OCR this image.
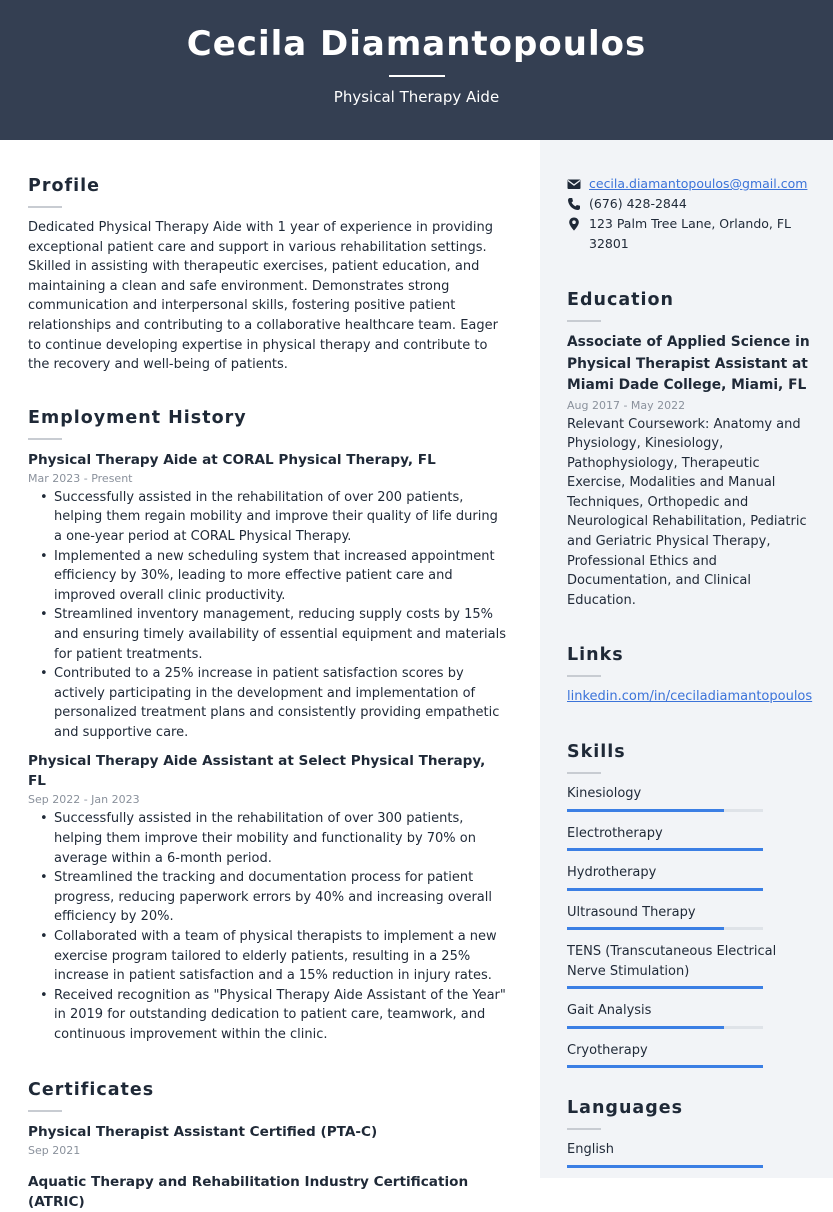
Cecila Diamantopoulos
Physical Therapy Aide
Profile
Dedicated Physical Therapy Aide with 1 year of experience in providing exceptional patient care and support in various rehabilitation settings. Skilled in assisting with therapeutic exercises, patient education, and maintaining a clean and safe environment. Demonstrates strong communication and interpersonal skills, fostering positive patient relationships and contributing to a collaborative healthcare team. Eager to continue developing expertise in physical therapy and contribute to the recovery and well-being of patients.
Employment History
Physical Therapy Aide at CORAL Physical Therapy, FL
Mar 2023 - Present
• Successfully assisted in the rehabilitation of over 200 patients, helping them regain mobility and improve their quality of life during a one-year period at CORAL Physical Therapy.
• Implemented a new scheduling system that increased appointment efficiency by 30%, leading to more effective patient care and improved overall clinic productivity.
• Streamlined inventory management, reducing supply costs by 15% and ensuring timely availability of essential equipment and materials for patient treatments.
• Contributed to a 25% increase in patient satisfaction scores by actively participating in the development and implementation of personalized treatment plans and consistently providing empathetic and supportive care.
Physical Therapy Aide Assistant at Select Physical Therapy, FL
Sep 2022 - Jan 2023
• Successfully assisted in the rehabilitation of over 300 patients, helping them improve their mobility and functionality by 70% on average within a 6-month period.
• Streamlined the tracking and documentation process for patient progress, reducing paperwork errors by 40% and increasing overall efficiency by 20%.
• Collaborated with a team of physical therapists to implement a new exercise program tailored to elderly patients, resulting in a 25% increase in patient satisfaction and a 15% reduction in injury rates.
• Received recognition as "Physical Therapy Aide Assistant of the Year" in 2019 for outstanding dedication to patient care, teamwork, and continuous improvement within the clinic.
Certificates
Physical Therapist Assistant Certified (PTA-C)
Sep 2021
Aquatic Therapy and Rehabilitation Industry Certification (ATRIC)
cecila.diamantopoulos@gmail.com
(676) 428-2844
123 Palm Tree Lane, Orlando, FL 32801
Education
Associate of Applied Science in Physical Therapist Assistant at Miami Dade College, Miami, FL
Aug 2017 - May 2022
Relevant Coursework: Anatomy and Physiology, Kinesiology, Pathophysiology, Therapeutic Exercise, Modalities and Manual Techniques, Orthopedic and Neurological Rehabilitation, Pediatric and Geriatric Physical Therapy, Professional Ethics and Documentation, and Clinical Education.
Links
linkedin.com/in/ceciladiamantopoulos
Skills
Kinesiology
Electrotherapy
Hydrotherapy
Ultrasound Therapy
TENS (Transcutaneous Electrical Nerve Stimulation)
Gait Analysis
Cryotherapy
Languages
English
